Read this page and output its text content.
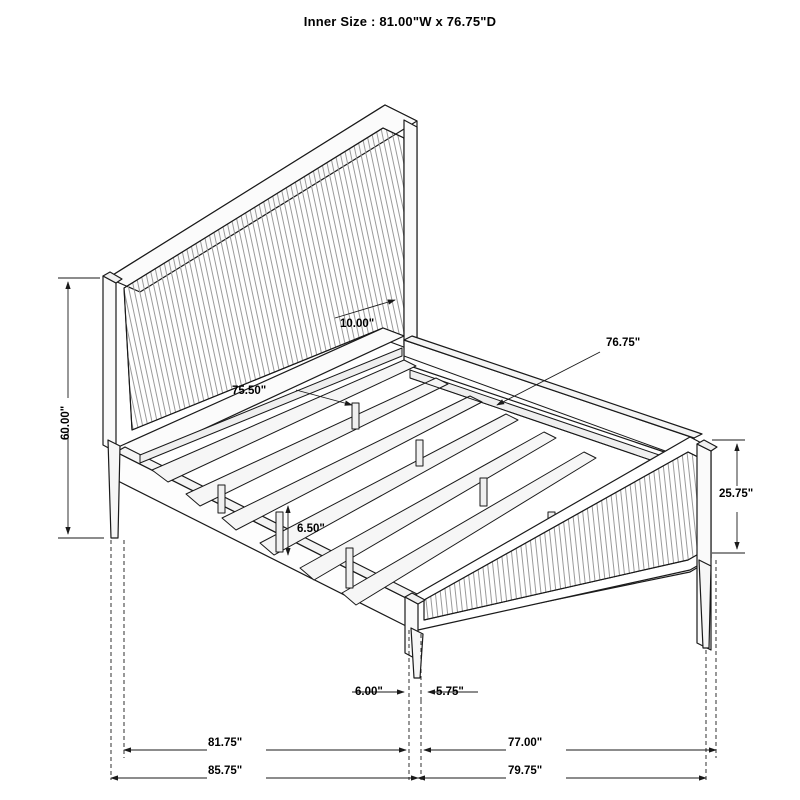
Inner Size : 81.00"W x 76.75"D
60.00"
10.00"
75.50"
76.75"
6.50"
25.75"
6.00"	5.75"
81.75"	77.00"
85.75"	79.75"
